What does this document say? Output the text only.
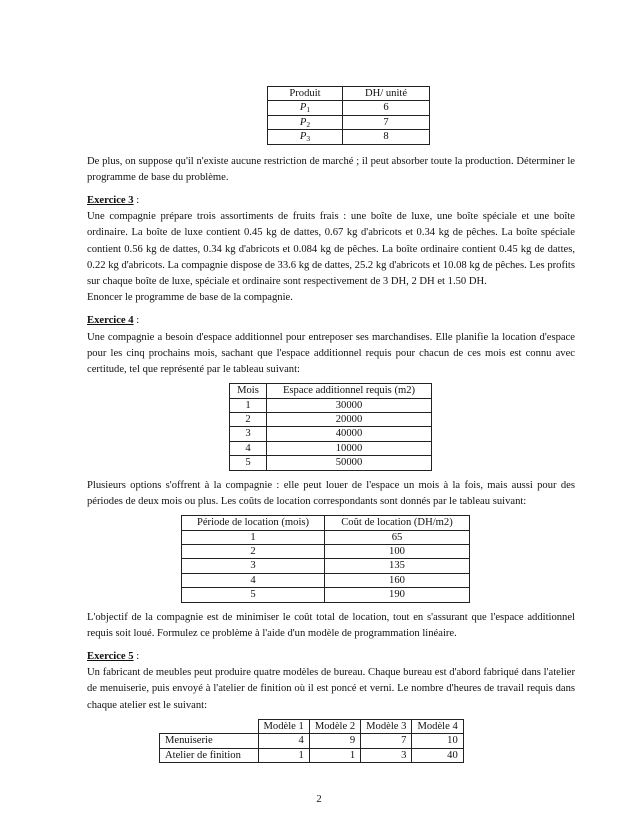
Produit	DH/ unité
$P_1$	6
$P_2$	7
$P_3$	8

De plus, on suppose qu'il n'existe aucune restriction de marché ; il peut absorber toute la production. Déterminer le programme de base du problème.

Exercice 3 :

Une compagnie prépare trois assortiments de fruits frais : une boîte de luxe, une boîte spéciale et une boîte ordinaire. La boîte de luxe contient 0.45 kg de dattes, 0.67 kg d'abricots et 0.34 kg de pêches. La boîte spéciale contient 0.56 kg de dattes, 0.34 kg d'abricots et 0.084 kg de pêches. La boîte ordinaire contient 0.45 kg de dattes, 0.22 kg d'abricots. La compagnie dispose de 33.6 kg de dattes, 25.2 kg d'abricots et 10.08 kg de pêches. Les profits sur chaque boîte de luxe, spéciale et ordinaire sont respectivement de 3 DH, 2 DH et 1.50 DH.

Enoncer le programme de base de la compagnie.

Exercice 4 :

Une compagnie a besoin d'espace additionnel pour entreposer ses marchandises. Elle planifie la location d'espace pour les cinq prochains mois, sachant que l'espace additionnel requis pour chacun de ces mois est connu avec certitude, tel que représenté par le tableau suivant:

Mois	Espace additionnel requis (m2)
1	30000
2	20000
3	40000
4	10000
5	50000

Plusieurs options s'offrent à la compagnie : elle peut louer de l'espace un mois à la fois, mais aussi pour des périodes de deux mois ou plus. Les coûts de location correspondants sont donnés par le tableau suivant:

Période de location (mois)	Coût de location (DH/m2)
1	65
2	100
3	135
4	160
5	190

L'objectif de la compagnie est de minimiser le coût total de location, tout en s'assurant que l'espace additionnel requis soit loué. Formulez ce problème à l'aide d'un modèle de programmation linéaire.

Exercice 5 :

Un fabricant de meubles peut produire quatre modèles de bureau. Chaque bureau est d'abord fabriqué dans l'atelier de menuiserie, puis envoyé à l'atelier de finition où il est poncé et verni. Le nombre d'heures de travail requis dans chaque atelier est le suivant:

	Modèle 1	Modèle 2	Modèle 3	Modèle 4
Menuiserie	4	9	7	10
Atelier de finition	1	1	3	40
2
